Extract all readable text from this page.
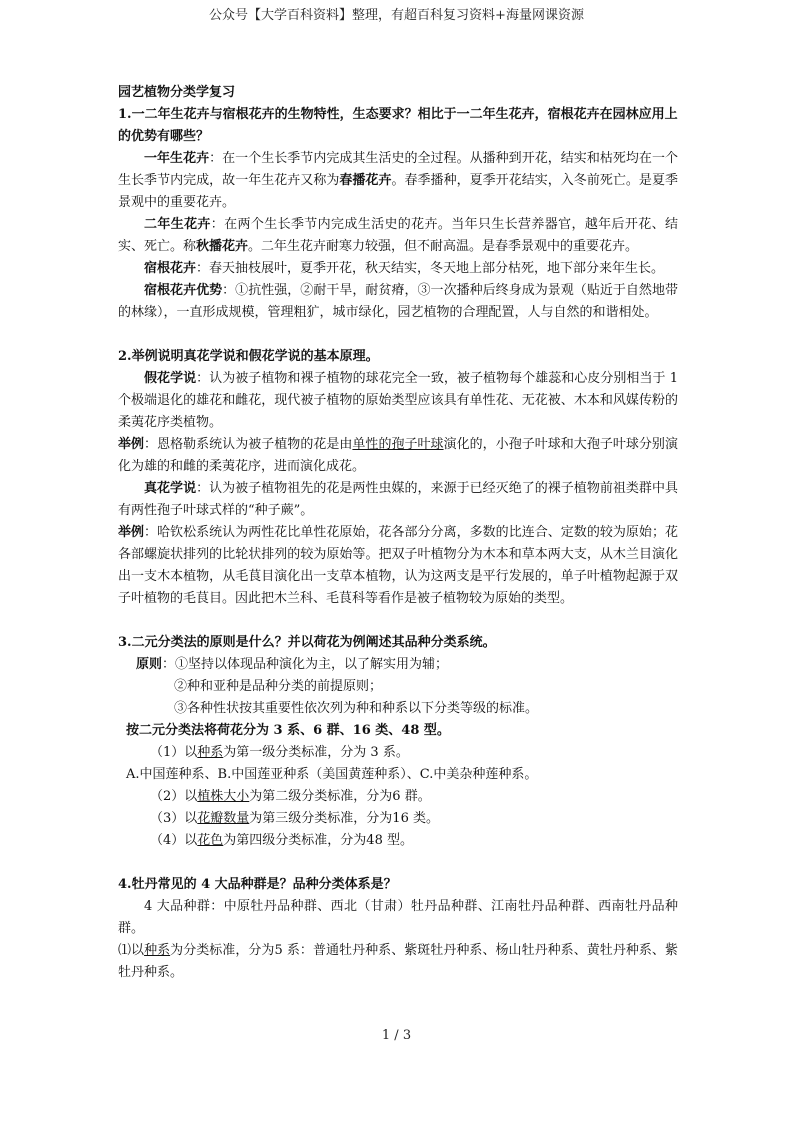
公众号【大学百科资料】整理，有超百科复习资料+海量网课资源

园艺植物分类学复习

1.一二年生花卉与宿根花卉的生物特性，生态要求？相比于一二年生花卉，宿根花卉在园林应用上的优势有哪些？

一年生花卉：在一个生长季节内完成其生活史的全过程。从播种到开花，结实和枯死均在一个生长季节内完成，故一年生花卉又称为春播花卉。春季播种，夏季开花结实，入冬前死亡。是夏季景观中的重要花卉。

二年生花卉：在两个生长季节内完成生活史的花卉。当年只生长营养器官，越年后开花、结实、死亡。称秋播花卉。二年生花卉耐寒力较强，但不耐高温。是春季景观中的重要花卉。

宿根花卉：春天抽枝展叶，夏季开花，秋天结实，冬天地上部分枯死，地下部分来年生长。

宿根花卉优势：①抗性强，②耐干旱，耐贫瘠，③一次播种后终身成为景观（贴近于自然地带的林缘），一直形成规模，管理粗犷，城市绿化，园艺植物的合理配置，人与自然的和谐相处。

2.举例说明真花学说和假花学说的基本原理。

假花学说：认为被子植物和裸子植物的球花完全一致，被子植物每个雄蕊和心皮分别相当于 1 个极端退化的雄花和雌花，现代被子植物的原始类型应该具有单性花、无花被、木本和风媒传粉的柔荑花序类植物。

举例：恩格勒系统认为被子植物的花是由单性的孢子叶球演化的，小孢子叶球和大孢子叶球分别演化为雄的和雌的柔荑花序，进而演化成花。

真花学说：认为被子植物祖先的花是两性虫媒的，来源于已经灭绝了的裸子植物前祖类群中具有两性孢子叶球式样的“种子蕨”。

举例：哈钦松系统认为两性花比单性花原始，花各部分分离，多数的比连合、定数的较为原始；花各部螺旋状排列的比轮状排列的较为原始等。把双子叶植物分为木本和草本两大支，从木兰目演化出一支木本植物，从毛茛目演化出一支草本植物，认为这两支是平行发展的，单子叶植物起源于双子叶植物的毛茛目。因此把木兰科、毛茛科等看作是被子植物较为原始的类型。

3.二元分类法的原则是什么？并以荷花为例阐述其品种分类系统。

原则：①坚持以体现品种演化为主，以了解实用为辅；

②种和亚种是品种分类的前提原则；

③各种性状按其重要性依次列为种和种系以下分类等级的标准。

按二元分类法将荷花分为 3 系、6 群、16 类、48 型。

（1）以种系为第一级分类标准，分为 3 系。

A.中国莲种系、B.中国莲亚种系（美国黄莲种系）、C.中美杂种莲种系。

（2）以植株大小为第二级分类标准，分为6 群。

（3）以花瓣数量为第三级分类标准，分为16 类。

（4）以花色为第四级分类标准，分为48 型。

4.牡丹常见的 4 大品种群是？品种分类体系是？

4 大品种群：中原牡丹品种群、西北（甘肃）牡丹品种群、江南牡丹品种群、西南牡丹品种群。

⑴以种系为分类标准，分为5 系：普通牡丹种系、紫斑牡丹种系、杨山牡丹种系、黄牡丹种系、紫牡丹种系。

1 / 3
